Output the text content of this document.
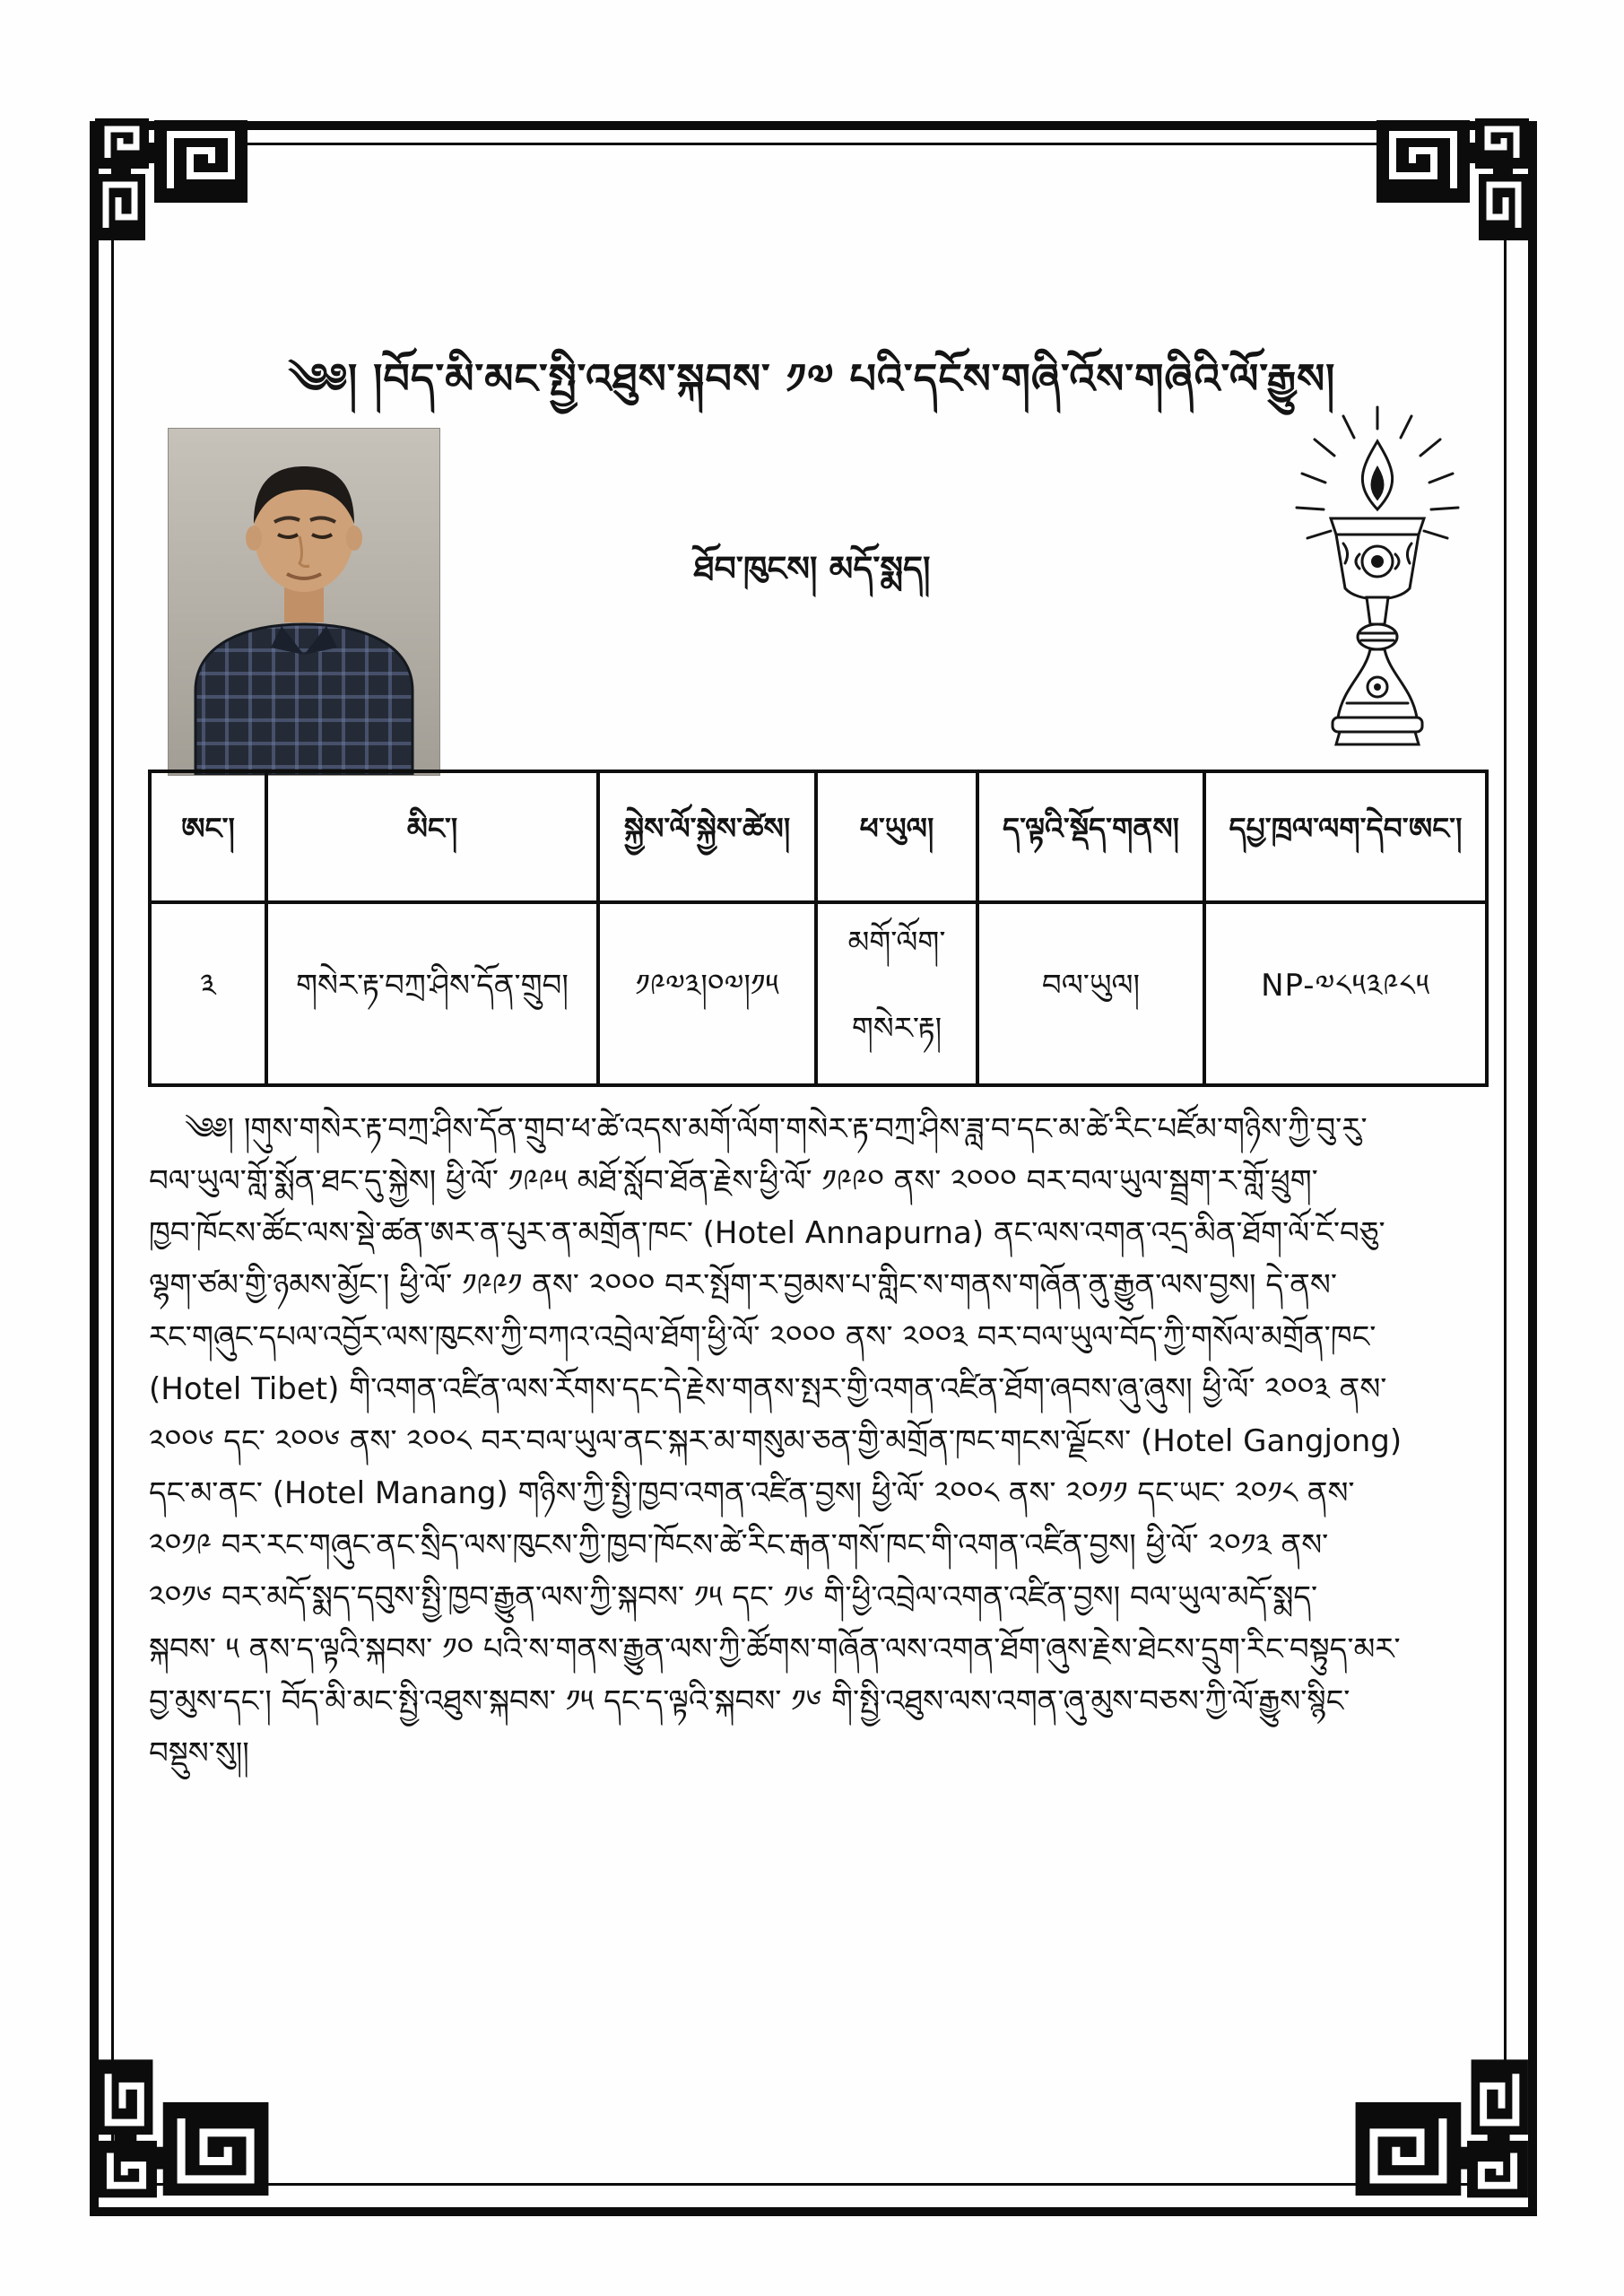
༄༅། །བོད་མི་མང་སྤྱི་འཐུས་སྐབས་ ༡༧ པའི་དངོས་གཞི་འོས་གཞིའི་ལོ་རྒྱུས།
ཐོབ་ཁུངས། མདོ་སྨད།
ཨང་།	མིང་།	སྐྱེས་ལོ་སྐྱེས་ཚེས།	ཕ་ཡུལ།	ད་ལྟའི་སྡོད་གནས།	དཔྱ་ཁྲལ་ལག་དེབ་ཨང་།
༣	གསེར་རྟ་བཀྲ་ཤིས་དོན་གྲུབ།	༡༩༧༣།༠༧།༡༥	མགོ་ལོག་ གསེར་རྟ།	བལ་ཡུལ།	NP-༧༨༥༣༩༨༥
༄༅། །གུས་གསེར་རྟ་བཀྲ་ཤིས་དོན་གྲུབ་ཕ་ཚེ་འདས་མགོ་ལོག་གསེར་རྟ་བཀྲ་ཤིས་ཟླ་བ་དང་མ་ཚེ་རིང་པཛོམ་གཉིས་ཀྱི་བུ་རུ་
བལ་ཡུལ་གློ་སྨོན་ཐང་དུ་སྐྱེས། ཕྱི་ལོ་ ༡༩༩༥ མཐོ་སློབ་ཐོན་རྗེས་ཕྱི་ལོ་ ༡༩༩༠ ནས་ ༢༠༠༠ བར་བལ་ཡུལ་སྦྲག་ར་གློ་ཕྲུག་
ཁྱབ་ཁོངས་ཚོང་ལས་སྡེ་ཚན་ཨར་ན་པུར་ན་མགྲོན་ཁང་ (Hotel Annapurna) ནང་ལས་འགན་འདྲ་མིན་ཐོག་ལོ་ངོ་བཅུ་
ལྷག་ཙམ་གྱི་ཉམས་མྱོང་། ཕྱི་ལོ་ ༡༩༩༡ ནས་ ༢༠༠༠ བར་སྤོག་ར་བྱམས་པ་གླིང་ས་གནས་གཞོན་ནུ་རྒྱུན་ལས་བྱས། དེ་ནས་
རང་གཞུང་དཔལ་འབྱོར་ལས་ཁུངས་ཀྱི་བཀའ་འབྲེལ་ཐོག་ཕྱི་ལོ་ ༢༠༠༠ ནས་ ༢༠༠༣ བར་བལ་ཡུལ་བོད་ཀྱི་གསོལ་མགྲོན་ཁང་
(Hotel Tibet) གི་འགན་འཛིན་ལས་རོགས་དང་དེ་རྗེས་གནས་སྤར་གྱི་འགན་འཛིན་ཐོག་ཞབས་ཞུ་ཞུས། ཕྱི་ལོ་ ༢༠༠༣ ནས་
༢༠༠༦ དང་ ༢༠༠༦ ནས་ ༢༠༠༨ བར་བལ་ཡུལ་ནང་སྐར་མ་གསུམ་ཅན་གྱི་མགྲོན་ཁང་གངས་ལྗོངས་ (Hotel Gangjong)
དང་མ་ནང་ (Hotel Manang) གཉིས་ཀྱི་སྤྱི་ཁྱབ་འགན་འཛིན་བྱས། ཕྱི་ལོ་ ༢༠༠༨ ནས་ ༢༠༡༡ དང་ཡང་ ༢༠༡༨ ནས་
༢༠༡༩ བར་རང་གཞུང་ནང་སྲིད་ལས་ཁུངས་ཀྱི་ཁྱབ་ཁོངས་ཚེ་རིང་རྒན་གསོ་ཁང་གི་འགན་འཛིན་བྱས། ཕྱི་ལོ་ ༢༠༡༣ ནས་
༢༠༡༦ བར་མདོ་སྨད་དབུས་སྤྱི་ཁྱབ་རྒྱུན་ལས་ཀྱི་སྐབས་ ༡༥ དང་ ༡༦ གི་ཕྱི་འབྲེལ་འགན་འཛིན་བྱས། བལ་ཡུལ་མདོ་སྨད་
སྐབས་ ༥ ནས་ད་ལྟའི་སྐབས་ ༡༠ པའི་ས་གནས་རྒྱུན་ལས་ཀྱི་ཚོགས་གཞོན་ལས་འགན་ཐོག་ཞུས་རྗེས་ཐེངས་དྲུག་རིང་བསྟུད་མར་
བྱ་མུས་དང་། བོད་མི་མང་སྤྱི་འཐུས་སྐབས་ ༡༥ དང་ད་ལྟའི་སྐབས་ ༡༦ གི་སྤྱི་འཐུས་ལས་འགན་ཞུ་མུས་བཅས་ཀྱི་ལོ་རྒྱུས་སྙིང་
བསྡུས་སུ།།
